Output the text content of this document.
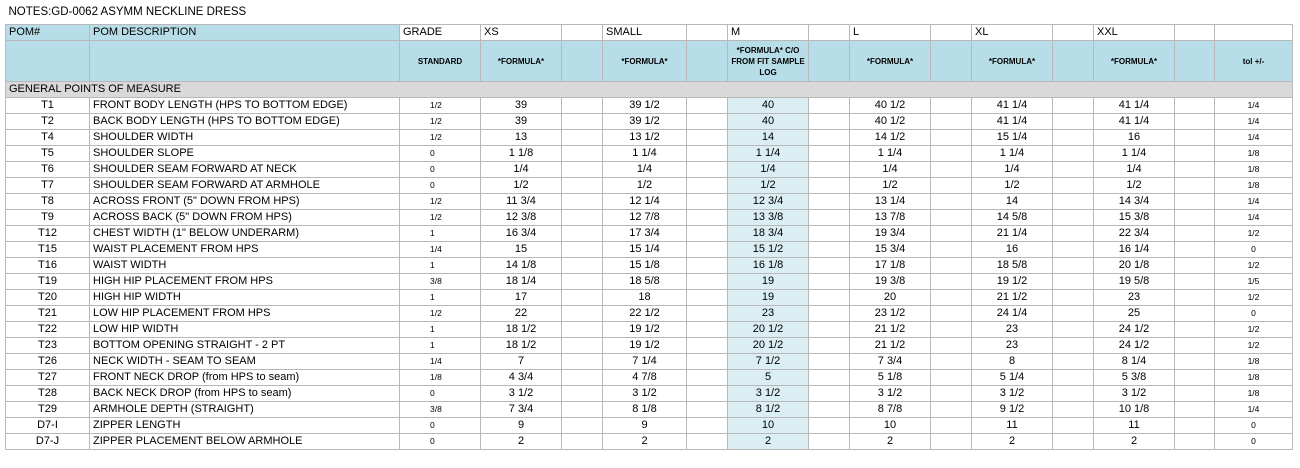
NOTES:GD-0062 ASYMM NECKLINE DRESS															
POM#	POM DESCRIPTION	GRADE	XS		SMALL		M		L		XL		XXL		
		STANDARD	*FORMULA*		*FORMULA*		*FORMULA* C/O FROM FIT SAMPLE LOG		*FORMULA*		*FORMULA*		*FORMULA*		tol +/-
GENERAL POINTS OF MEASURE															
T1	FRONT BODY LENGTH (HPS TO BOTTOM EDGE)	1/2	39		39 1/2		40		40 1/2		41 1/4		41 1/4		1/4
T2	BACK BODY LENGTH (HPS TO BOTTOM EDGE)	1/2	39		39 1/2		40		40 1/2		41 1/4		41 1/4		1/4
T4	SHOULDER WIDTH	1/2	13		13 1/2		14		14 1/2		15 1/4		16		1/4
T5	SHOULDER SLOPE	0	1 1/8		1 1/4		1 1/4		1 1/4		1 1/4		1 1/4		1/8
T6	SHOULDER SEAM FORWARD AT NECK	0	1/4		1/4		1/4		1/4		1/4		1/4		1/8
T7	SHOULDER SEAM FORWARD AT ARMHOLE	0	1/2		1/2		1/2		1/2		1/2		1/2		1/8
T8	ACROSS FRONT (5" DOWN FROM HPS)	1/2	11 3/4		12 1/4		12 3/4		13 1/4		14		14 3/4		1/4
T9	ACROSS BACK (5" DOWN FROM HPS)	1/2	12 3/8		12 7/8		13 3/8		13 7/8		14 5/8		15 3/8		1/4
T12	CHEST WIDTH (1" BELOW UNDERARM)	1	16 3/4		17 3/4		18 3/4		19 3/4		21 1/4		22 3/4		1/2
T15	WAIST PLACEMENT FROM HPS	1/4	15		15 1/4		15 1/2		15 3/4		16		16 1/4		0
T16	WAIST WIDTH	1	14 1/8		15 1/8		16 1/8		17 1/8		18 5/8		20 1/8		1/2
T19	HIGH HIP PLACEMENT FROM HPS	3/8	18 1/4		18 5/8		19		19 3/8		19 1/2		19 5/8		1/5
T20	HIGH HIP WIDTH	1	17		18		19		20		21 1/2		23		1/2
T21	LOW HIP PLACEMENT FROM HPS	1/2	22		22 1/2		23		23 1/2		24 1/4		25		0
T22	LOW HIP WIDTH	1	18 1/2		19 1/2		20 1/2		21 1/2		23		24 1/2		1/2
T23	BOTTOM OPENING STRAIGHT - 2 PT	1	18 1/2		19 1/2		20 1/2		21 1/2		23		24 1/2		1/2
T26	NECK WIDTH - SEAM TO SEAM	1/4	7		7 1/4		7 1/2		7 3/4		8		8 1/4		1/8
T27	FRONT NECK DROP (from HPS to seam)	1/8	4 3/4		4 7/8		5		5 1/8		5 1/4		5 3/8		1/8
T28	BACK NECK DROP (from HPS to seam)	0	3 1/2		3 1/2		3 1/2		3 1/2		3 1/2		3 1/2		1/8
T29	ARMHOLE DEPTH (STRAIGHT)	3/8	7 3/4		8 1/8		8 1/2		8 7/8		9 1/2		10 1/8		1/4
D7-I	ZIPPER LENGTH	0	9		9		10		10		11		11		0
D7-J	ZIPPER PLACEMENT BELOW ARMHOLE	0	2		2		2		2		2		2		0
